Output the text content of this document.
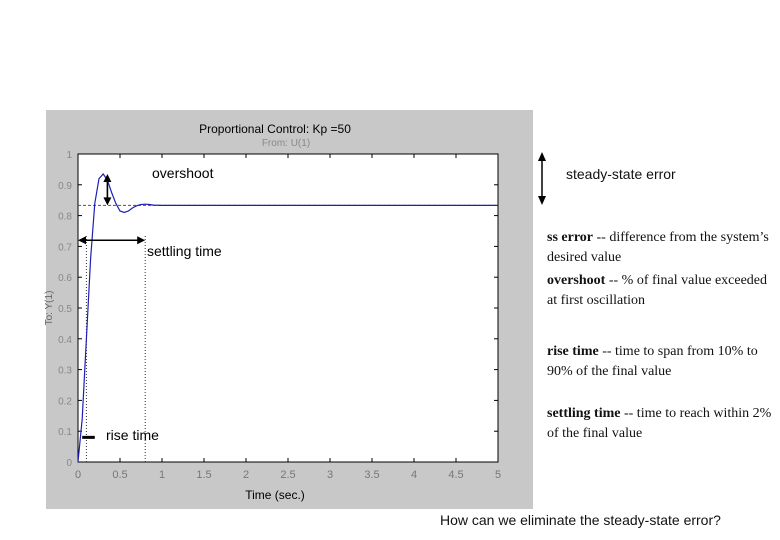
Proportional Control: Kp =50
From: U(1)
Time (sec.)
To: Y(1)
0	0.5	1	1.5	2	2.5	3	3.5	4	4.5	5
0
0.1
0.2
0.3
0.4
0.5
0.6
0.7
0.8
0.9
1
overshoot
settling time
rise time
steady-state error
ss error -- difference from the system’s desired value
overshoot -- % of final value exceeded at first oscillation
rise time -- time to span from 10% to 90% of the final value
settling time -- time to reach within 2% of the final value
How can we eliminate the steady-state error?
